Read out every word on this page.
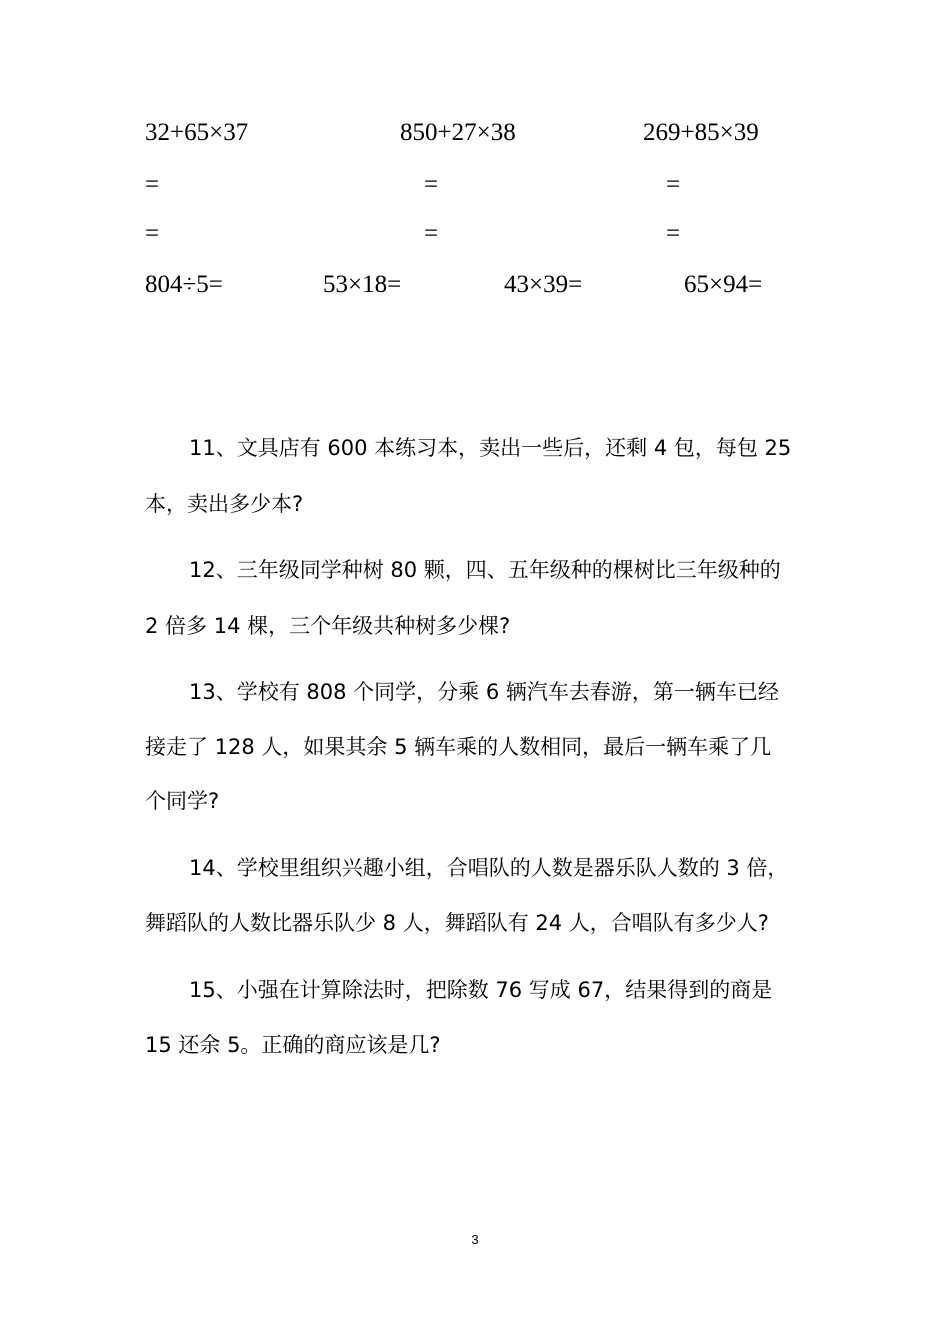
32+65×37	850+27×38	269+85×39
=	=	=
=	=	=
804÷5=	53×18=	43×39=	65×94=
11、文具店有 600 本练习本，卖出一些后，还剩 4 包，每包 25
本，卖出多少本?
12、三年级同学种树 80 颗，四、五年级种的棵树比三年级种的
2 倍多 14 棵，三个年级共种树多少棵?
13、学校有 808 个同学，分乘 6 辆汽车去春游，第一辆车已经
接走了 128 人，如果其余 5 辆车乘的人数相同，最后一辆车乘了几
个同学?
14、学校里组织兴趣小组，合唱队的人数是器乐队人数的 3 倍，
舞蹈队的人数比器乐队少 8 人，舞蹈队有 24 人，合唱队有多少人?
15、小强在计算除法时，把除数 76 写成 67，结果得到的商是
15 还余 5。正确的商应该是几?
3
